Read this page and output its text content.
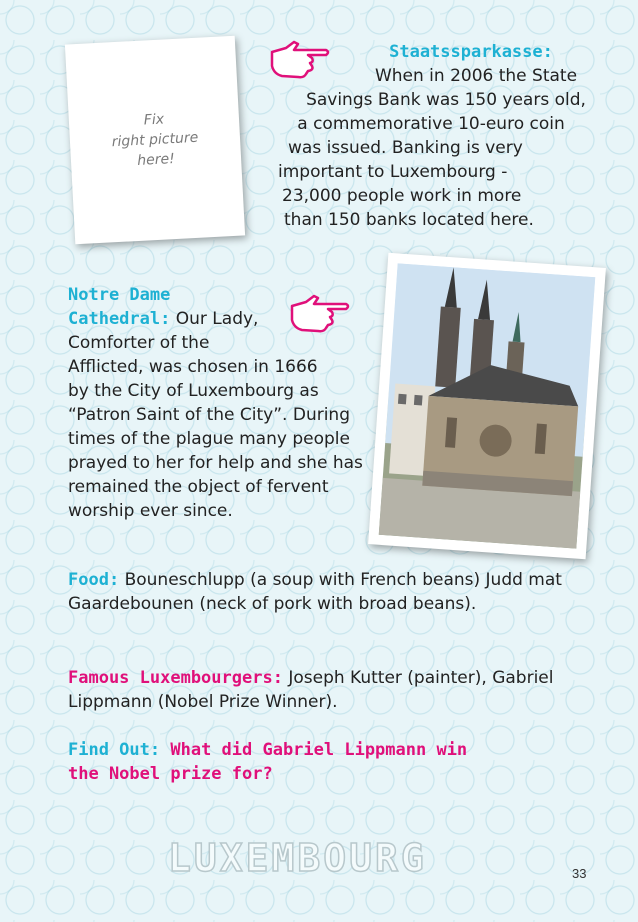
Fix
right picture
here!
Staatssparkasse:
When in 2006 the State
Savings Bank was 150 years old,
a commemorative 10-euro coin
was issued. Banking is very
important to Luxembourg -
23,000 people work in more
than 150 banks located here.
Notre Dame
Cathedral: Our Lady,
Comforter of the
Afflicted, was chosen in 1666
by the City of Luxembourg as
“Patron Saint of the City”. During
times of the plague many people
prayed to her for help and she has
remained the object of fervent
worship ever since.
Food: Bouneschlupp (a soup with French beans) Judd mat Gaardebounen (neck of pork with broad beans).
Famous Luxembourgers: Joseph Kutter (painter), Gabriel Lippmann (Nobel Prize Winner).
Find Out: What did Gabriel Lippmann win the Nobel prize for?
LUXEMBOURG	33
